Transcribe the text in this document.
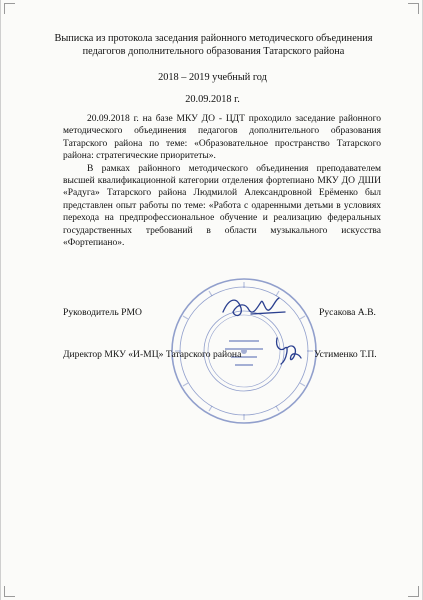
Выписка из протокола заседания районного методического объединения
педагогов дополнительного образования Татарского района
2018 – 2019 учебный год
20.09.2018 г.

20.09.2018 г. на базе МКУ ДО - ЦДТ проходило заседание районного методического объединения педагогов дополнительного образования Татарского района по теме: «Образовательное пространство Татарского района: стратегические приоритеты».

В рамках районного методического объединения преподавателем высшей квалификационной категории отделения фортепиано МКУ ДО ДШИ «Радуга» Татарского района Людмилой Александровной Ерёменко был представлен опыт работы по теме: «Работа с одаренными детьми в условиях перехода на предпрофессиональное обучение и реализацию федеральных государственных требований в области музыкального искусства «Фортепиано».

Руководитель РМО	Русакова А.В.
Директор МКУ «И-МЦ» Татарского района	Устименко Т.П.
